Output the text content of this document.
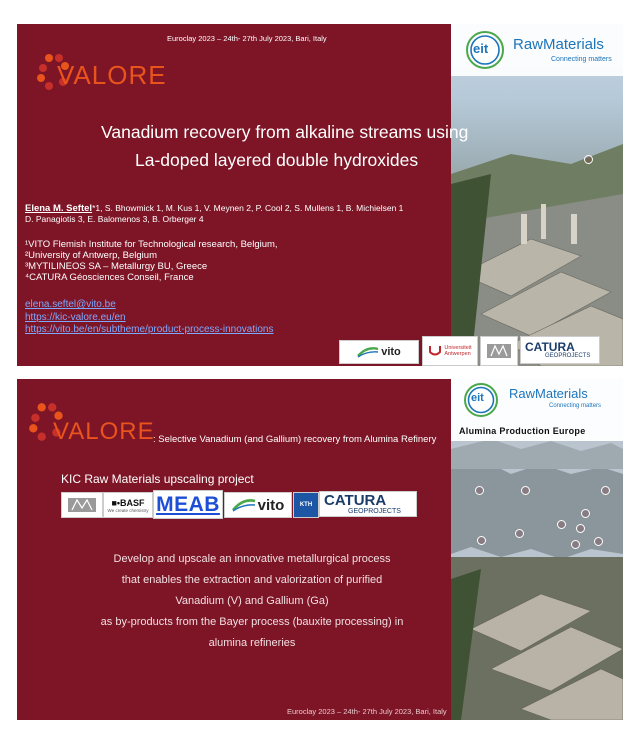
eit RawMaterials
Connecting matters
Euroclay 2023 – 24th- 27th July 2023, Bari, Italy
VALORE
Vanadium recovery from alkaline streams using
La-doped layered double hydroxides
Elena M. Seftel*1, S. Bhowmick 1, M. Kus 1, V. Meynen 2, P. Cool 2, S. Mullens 1, B. Michielsen 1
D. Panagiotis 3, E. Balomenos 3, B. Orberger 4
¹VITO Flemish Institute for Technological research, Belgium,
²University of Antwerp, Belgium
³MYTILINEOS SA – Metallurgy BU, Greece
⁴CATURA Géosciences Conseil, France
elena.seftel@vito.be
https://kic-valore.eu/en
https://vito.be/en/subtheme/product-process-innovations
vito	Universiteit
Antwerpen	CATURA
GEOPROJECTS
eit RawMaterials
Connecting matters
Alumina Production Europe
VALORE
: Selective Vanadium (and Gallium) recovery from Alumina Refinery
KIC Raw Materials upscaling project
■•BASF
We create chemistry MEAB	vito	KTH CATURA
GEOPROJECTS
Develop and upscale an innovative metallurgical process
that enables the extraction and valorization of purified
Vanadium (V) and Gallium (Ga)
as by-products from the Bayer process (bauxite processing) in
alumina refineries
Euroclay 2023 – 24th- 27th July 2023, Bari, Italy
